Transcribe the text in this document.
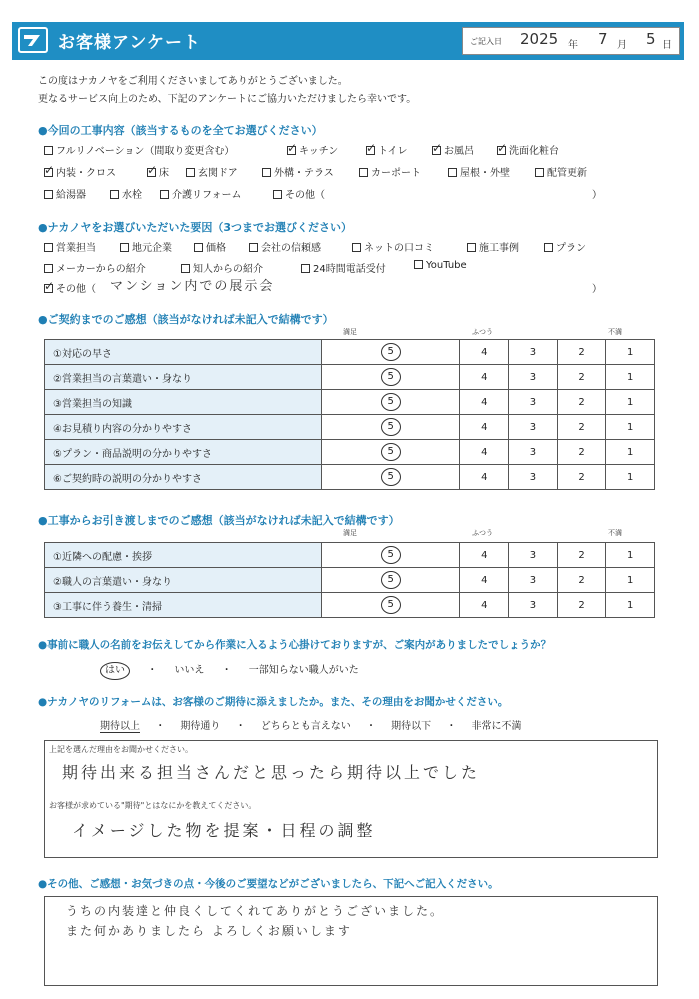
お客様アンケート	ご記入日 2025 年 7 月 5 日
この度はナカノヤをご利用くださいましてありがとうございました。
更なるサービス向上のため、下記のアンケートにご協力いただけましたら幸いです。
●今回の工事内容（該当するものを全てお選びください）
フルリノベーション（間取り変更含む） ✓	キッチン ✓	トイレ ✓	お風呂 ✓	洗面化粧台
✓内装・クロス ✓	床	玄関ドア	外構・テラス	カーポート	屋根・外壁	配管更新
給湯器	水栓	介護リフォーム	その他（	）
●ナカノヤをお選びいただいた要因（3つまでお選びください）
営業担当	地元企業	価格	会社の信頼感	ネットの口コミ	施工事例	プラン
メーカーからの紹介	知人からの紹介	24時間電話受付	YouTube
✓その他（ マンション内での展示会	）
●ご契約までのご感想（該当がなければ未記入で結構です）
満足	ふつう	不満
①対応の早さ	5	4	3	2	1
②営業担当の言葉遣い・身なり	5	4	3	2	1
③営業担当の知識	5	4	3	2	1
④お見積り内容の分かりやすさ	5	4	3	2	1
⑤プラン・商品説明の分かりやすさ	5	4	3	2	1
⑥ご契約時の説明の分かりやすさ	5	4	3	2	1
●工事からお引き渡しまでのご感想（該当がなければ未記入で結構です）
満足	ふつう	不満
①近隣への配慮・挨拶	5	4	3	2	1
②職人の言葉遣い・身なり	5	4	3	2	1
③工事に伴う養生・清掃	5	4	3	2	1
●事前に職人の名前をお伝えしてから作業に入るよう心掛けておりますが、ご案内がありましたでしょうか？
はい ・ いいえ ・ 一部知らない職人がいた
●ナカノヤのリフォームは、お客様のご期待に添えましたか。また、その理由をお聞かせください。
期待以上 ・ 期待通り ・ どちらとも言えない ・ 期待以下 ・ 非常に不満
上記を選んだ理由をお聞かせください。
期待出来る担当さんだと思ったら期待以上でした
お客様が求めている"期待"とはなにかを教えてください。
イメージした物を提案・日程の調整
●その他、ご感想・お気づきの点・今後のご要望などがございましたら、下記へご記入ください。
うちの内装達と仲良くしてくれてありがとうございました。
また何かありましたら よろしくお願いします
